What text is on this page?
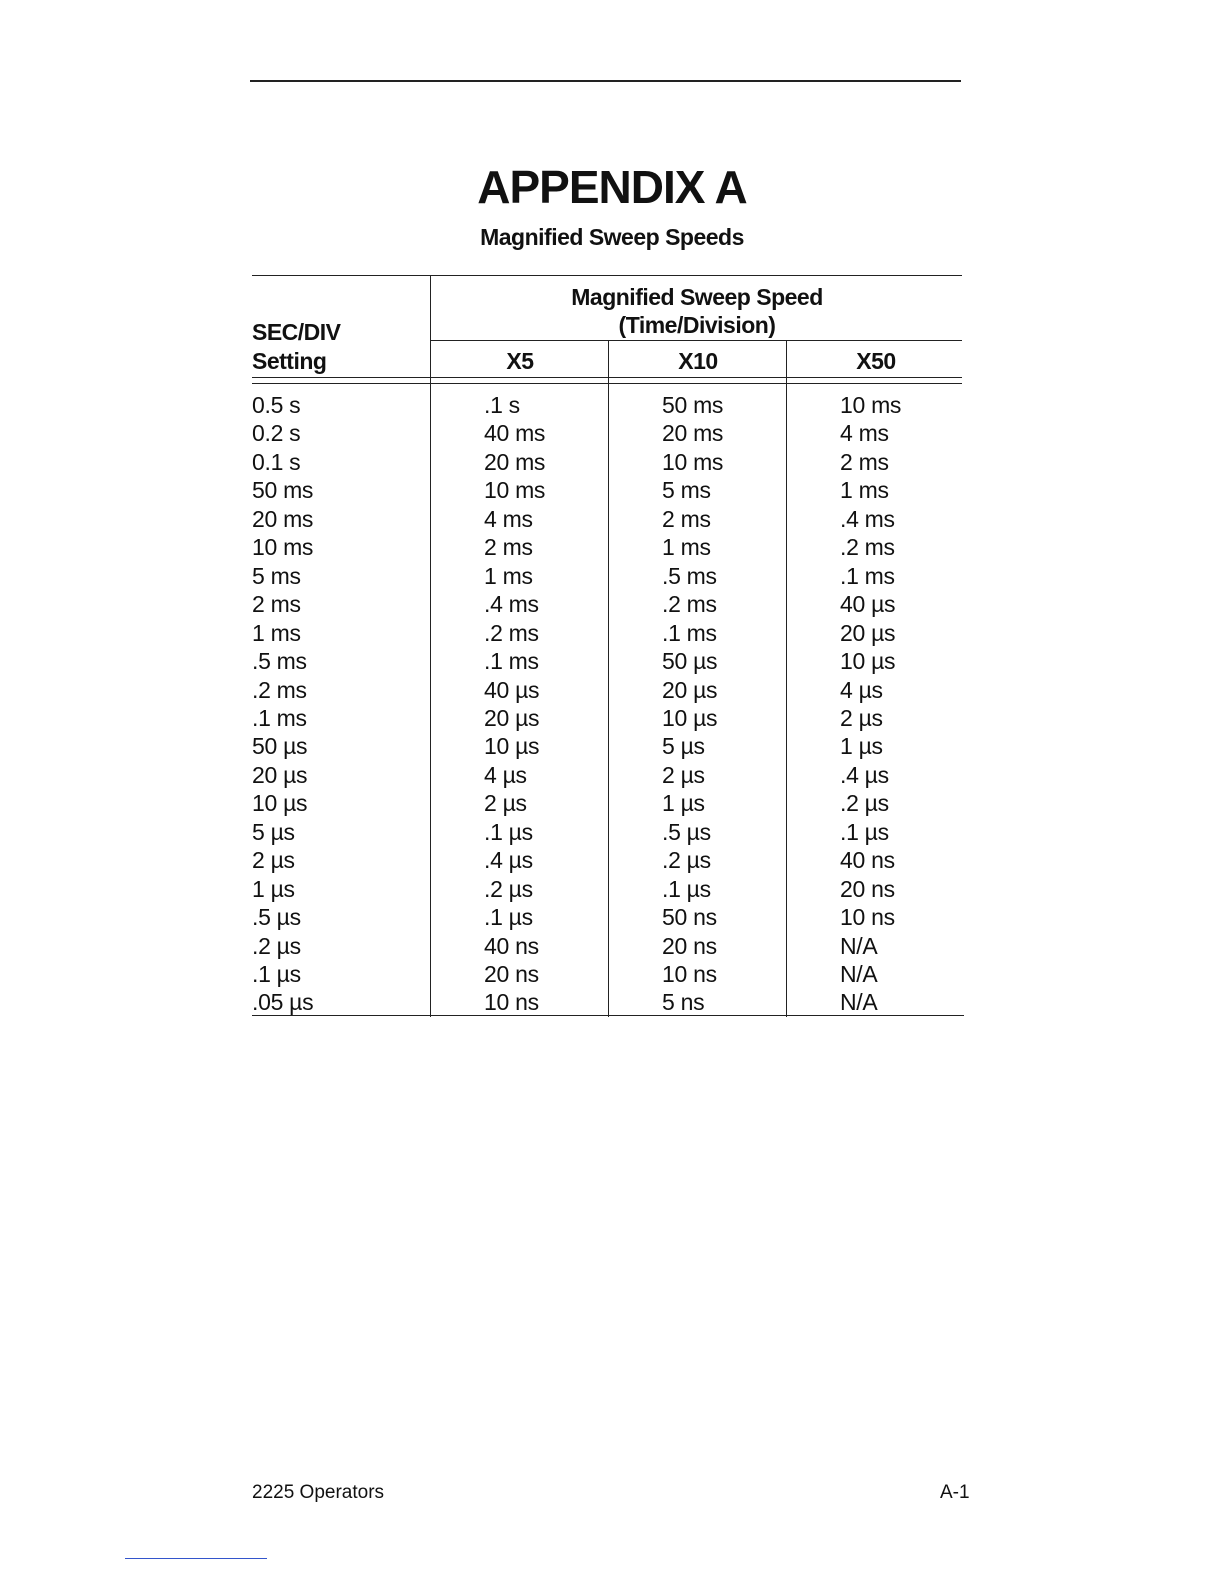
APPENDIX A
Magnified Sweep Speeds
SEC/DIV
Setting
Magnified Sweep Speed
(Time/Division)
X5	X10	X50
0.5 s	.1 s	50 ms	10 ms
0.2 s	40 ms	20 ms	4 ms
0.1 s	20 ms	10 ms	2 ms
50 ms	10 ms	5 ms	1 ms
20 ms	4 ms	2 ms	.4 ms
10 ms	2 ms	1 ms	.2 ms
5 ms	1 ms	.5 ms	.1 ms
2 ms	.4 ms	.2 ms	40 µs
1 ms	.2 ms	.1 ms	20 µs
.5 ms	.1 ms	50 µs	10 µs
.2 ms	40 µs	20 µs	4 µs
.1 ms	20 µs	10 µs	2 µs
50 µs	10 µs	5 µs	1 µs
20 µs	4 µs	2 µs	.4 µs
10 µs	2 µs	1 µs	.2 µs
5 µs	.1 µs	.5 µs	.1 µs
2 µs	.4 µs	.2 µs	40 ns
1 µs	.2 µs	.1 µs	20 ns
.5 µs	.1 µs	50 ns	10 ns
.2 µs	40 ns	20 ns	N/A
.1 µs	20 ns	10 ns	N/A
.05 µs	10 ns	5 ns	N/A
2225 Operators	A-1
